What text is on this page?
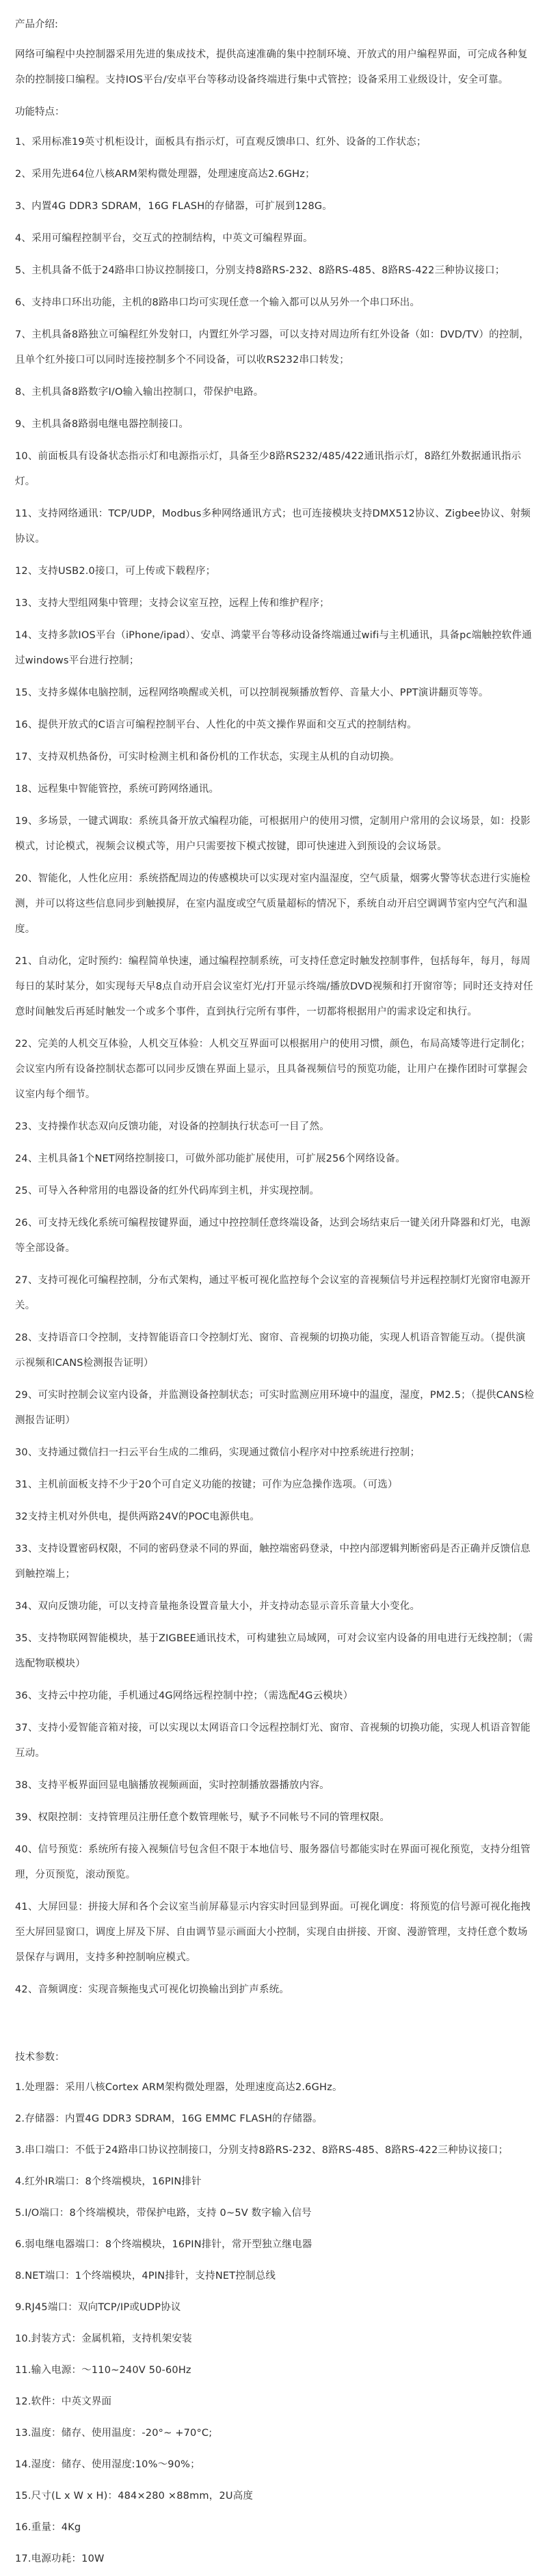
产品介绍:

网络可编程中央控制器采用先进的集成技术，提供高速准确的集中控制环境、开放式的用户编程界面，可完成各种复杂的控制接口编程。支持IOS平台/安卓平台等移动设备终端进行集中式管控；设备采用工业级设计，安全可靠。

功能特点：
1、采用标准19英寸机柜设计，面板具有指示灯，可直观反馈串口、红外、设备的工作状态；
2、采用先进64位八核ARM架构微处理器，处理速度高达2.6GHz；
3、内置4G DDR3 SDRAM，16G FLASH的存储器，可扩展到128G。
4、采用可编程控制平台，交互式的控制结构，中英文可编程界面。
5、主机具备不低于24路串口协议控制接口，分别支持8路RS-232、8路RS-485、8路RS-422三种协议接口；
6、支持串口环出功能，主机的8路串口均可实现任意一个输入都可以从另外一个串口环出。
7、主机具备8路独立可编程红外发射口，内置红外学习器，可以支持对周边所有红外设备（如：DVD/TV）的控制，且单个红外接口可以同时连接控制多个不同设备，可以收RS232串口转发；
8、主机具备8路数字I/O输入输出控制口，带保护电路。
9、主机具备8路弱电继电器控制接口。
10、前面板具有设备状态指示灯和电源指示灯，具备至少8路RS232/485/422通讯指示灯，8路红外数据通讯指示灯。
11、支持网络通讯：TCP/UDP，Modbus多种网络通讯方式；也可连接模块支持DMX512协议、Zigbee协议、射频协议。
12、支持USB2.0接口，可上传或下载程序；
13、支持大型组网集中管理；支持会议室互控，远程上传和维护程序；
14、支持多款IOS平台（iPhone/ipad）、安卓、鸿蒙平台等移动设备终端通过wifi与主机通讯，具备pc端触控软件通过windows平台进行控制；
15、支持多媒体电脑控制，远程网络唤醒或关机，可以控制视频播放暂停、音量大小、PPT演讲翻页等等。
16、提供开放式的C语言可编程控制平台、人性化的中英文操作界面和交互式的控制结构。
17、支持双机热备份，可实时检测主机和备份机的工作状态，实现主从机的自动切换。
18、远程集中智能管控，系统可跨网络通讯。
19、多场景，一键式调取：系统具备开放式编程功能，可根据用户的使用习惯，定制用户常用的会议场景，如：投影模式，讨论模式，视频会议模式等，用户只需要按下模式按键，即可快速进入到预设的会议场景。
20、智能化，人性化应用：系统搭配周边的传感模块可以实现对室内温湿度，空气质量，烟雾火警等状态进行实施检测，并可以将这些信息同步到触摸屏，在室内温度或空气质量超标的情况下，系统自动开启空调调节室内空气汽和温度。
21、自动化，定时预约：编程简单快速，通过编程控制系统，可支持任意定时触发控制事件，包括每年，每月，每周每日的某时某分，如实现每天早8点自动开启会议室灯光/打开显示终端/播放DVD视频和打开窗帘等；同时还支持对任意时间触发后再延时触发一个或多个事件，直到执行完所有事件，一切都将根据用户的需求设定和执行。
22、完美的人机交互体验，人机交互体验：人机交互界面可以根据用户的使用习惯，颜色，布局高矮等进行定制化；会议室内所有设备控制状态都可以同步反馈在界面上显示，且具备视频信号的预览功能，让用户在操作团时可掌握会议室内每个细节。
23、支持操作状态双向反馈功能，对设备的控制执行状态可一目了然。
24、主机具备1个NET网络控制接口，可做外部功能扩展使用，可扩展256个网络设备。
25、可导入各种常用的电器设备的红外代码库到主机，并实现控制。
26、可支持无线化系统可编程按键界面，通过中控控制任意终端设备，达到会场结束后一键关闭升降器和灯光，电源等全部设备。
27、支持可视化可编程控制，分布式架构，通过平板可视化监控每个会议室的音视频信号并远程控制灯光窗帘电源开关。
28、支持语音口令控制，支持智能语音口令控制灯光、窗帘、音视频的切换功能，实现人机语音智能互动。（提供演示视频和CANS检测报告证明）
29、可实时控制会议室内设备，并监测设备控制状态；可实时监测应用环境中的温度，湿度，PM2.5；（提供CANS检测报告证明）
30、支持通过微信扫一扫云平台生成的二维码，实现通过微信小程序对中控系统进行控制；
31、主机前面板支持不少于20个可自定义功能的按键；可作为应急操作选项。（可选）
32支持主机对外供电，提供两路24V的POC电源供电。
33、支持设置密码权限，不同的密码登录不同的界面，触控端密码登录，中控内部逻辑判断密码是否正确并反馈信息到触控端上；
34、双向反馈功能，可以支持音量拖条设置音量大小，并支持动态显示音乐音量大小变化。
35、支持物联网智能模块，基于ZIGBEE通讯技术，可构建独立局域网，可对会议室内设备的用电进行无线控制；（需选配物联模块）
36、支持云中控功能，手机通过4G网络远程控制中控；（需选配4G云模块）
37、支持小爱智能音箱对接，可以实现以太网语音口令远程控制灯光、窗帘、音视频的切换功能，实现人机语音智能互动。
38、支持平板界面回显电脑播放视频画面，实时控制播放器播放内容。
39、权限控制：支持管理员注册任意个数管理帐号，赋予不同帐号不同的管理权限。
40、信号预览：系统所有接入视频信号包含但不限于本地信号、服务器信号都能实时在界面可视化预览，支持分组管理，分页预览，滚动预览。
41、大屏回显：拼接大屏和各个会议室当前屏幕显示内容实时回显到界面。可视化调度：将预览的信号源可视化拖拽至大屏回显窗口，调度上屏及下屏、自由调节显示画面大小控制，实现自由拼接、开窗、漫游管理，支持任意个数场景保存与调用，支持多种控制响应模式。
42、音频调度：实现音频拖曳式可视化切换输出到扩声系统。
技术参数：
1.处理器：采用八核Cortex ARM架构微处理器，处理速度高达2.6GHz。
2.存储器：内置4G DDR3 SDRAM，16G EMMC FLASH的存储器。
3.串口端口：不低于24路串口协议控制接口，分别支持8路RS-232、8路RS-485、8路RS-422三种协议接口；
4.红外IR端口：8个终端模块，16PIN排针
5.I/O端口：8个终端模块，带保护电路，支持 0~5V 数字输入信号
6.弱电继电器端口：8个终端模块，16PIN排针，常开型独立继电器
8.NET端口：1个终端模块，4PIN排针，支持NET控制总线
9.RJ45端口：双向TCP/IP或UDP协议
10.封装方式：金属机箱，支持机架安装
11.输入电源：～110~240V 50-60Hz
12.软件：中英文界面
13.温度：储存、使用温度：-20°~ +70°C;
14.湿度：储存、使用湿度:10%～90%；
15.尺寸(L x W x H)：484×280 ×88mm，2U高度
16.重量：4Kg
17.电源功耗：10W
